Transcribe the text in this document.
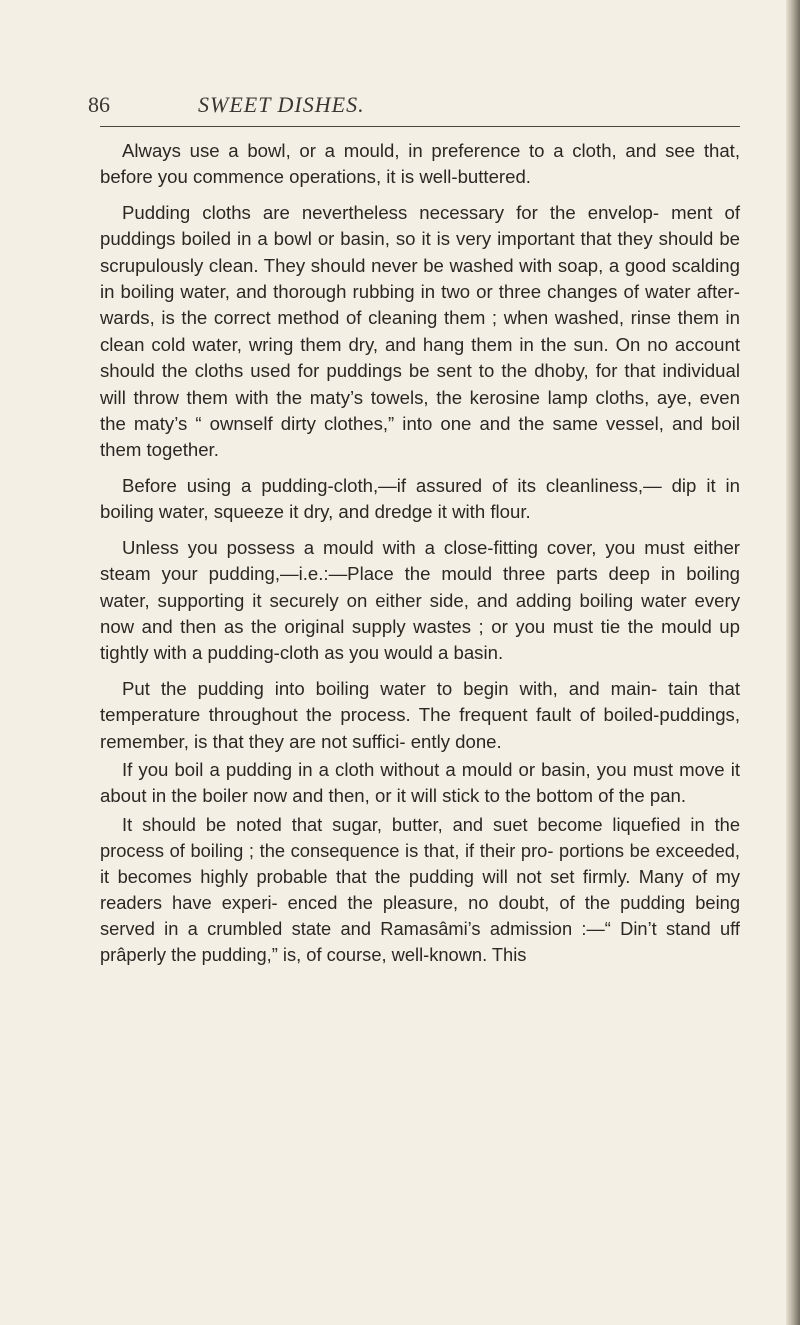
86	SWEET DISHES.

Always use a bowl, or a mould, in preference to a cloth, and see that, before you commence operations, it is well-buttered.

Pudding cloths are nevertheless necessary for the envelop- ment of puddings boiled in a bowl or basin, so it is very important that they should be scrupulously clean. They should never be washed with soap, a good scalding in boiling water, and thorough rubbing in two or three changes of water after- wards, is the correct method of cleaning them ; when washed, rinse them in clean cold water, wring them dry, and hang them in the sun. On no account should the cloths used for puddings be sent to the dhoby, for that individual will throw them with the maty’s towels, the kerosine lamp cloths, aye, even the maty’s “ ownself dirty clothes,” into one and the same vessel, and boil them together.

Before using a pudding-cloth,—if assured of its cleanliness,— dip it in boiling water, squeeze it dry, and dredge it with flour.

Unless you possess a mould with a close-fitting cover, you must either steam your pudding,—i.e.:—Place the mould three parts deep in boiling water, supporting it securely on either side, and adding boiling water every now and then as the original supply wastes ; or you must tie the mould up tightly with a pudding-cloth as you would a basin.

Put the pudding into boiling water to begin with, and main- tain that temperature throughout the process. The frequent fault of boiled-puddings, remember, is that they are not suffici- ently done.

If you boil a pudding in a cloth without a mould or basin, you must move it about in the boiler now and then, or it will stick to the bottom of the pan.

It should be noted that sugar, butter, and suet become liquefied in the process of boiling ; the consequence is that, if their pro- portions be exceeded, it becomes highly probable that the pudding will not set firmly. Many of my readers have experi- enced the pleasure, no doubt, of the pudding being served in a crumbled state and Ramasâmi’s admission :—“ Din’t stand uff prâperly the pudding,” is, of course, well-known. This
